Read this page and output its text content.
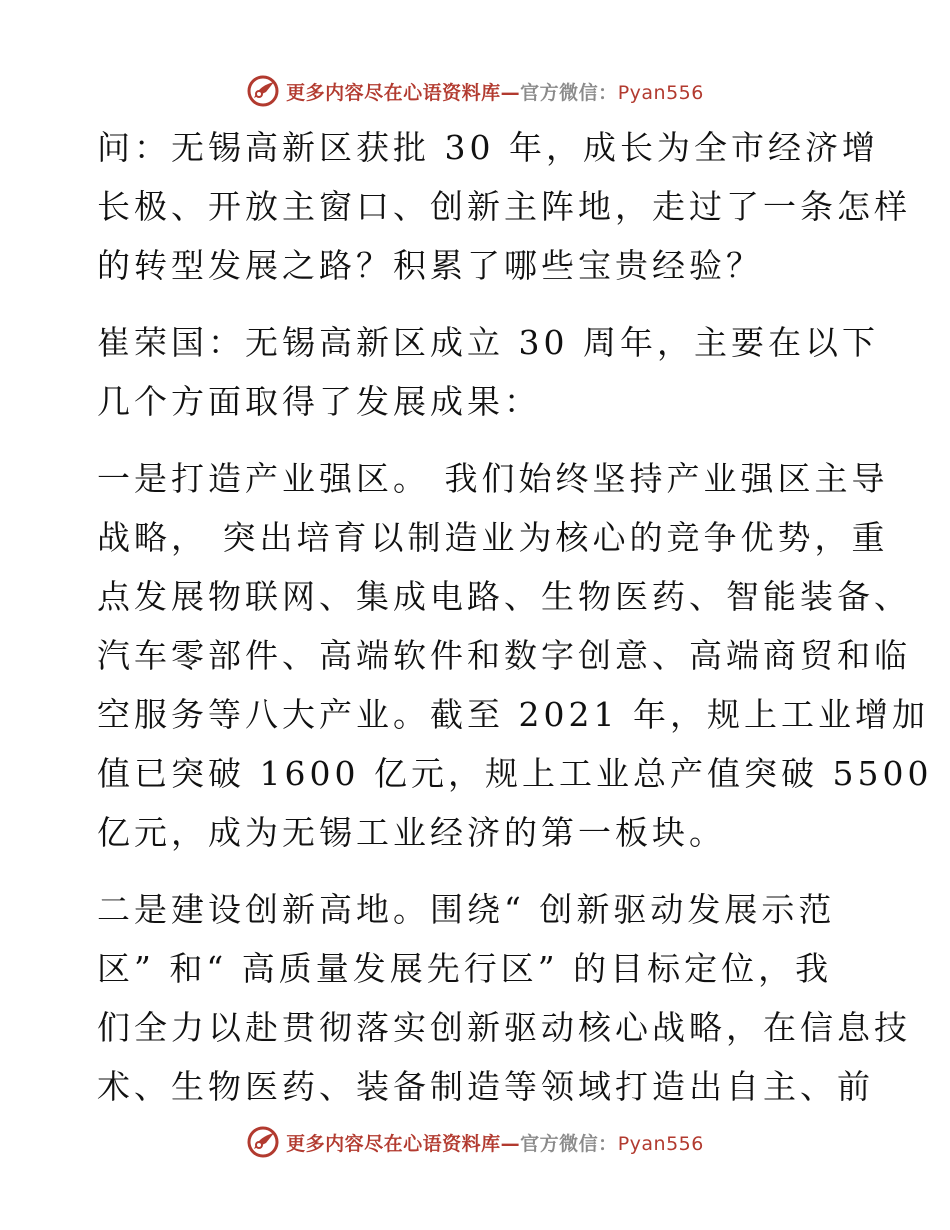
更多内容尽在心语资料库—官方微信：Pyan556

问：无锡高新区获批 30 年，成长为全市经济增
长极、开放主窗口、创新主阵地，走过了一条怎样
的转型发展之路？积累了哪些宝贵经验？

崔荣国：无锡高新区成立 30 周年，主要在以下
几个方面取得了发展成果：

一是打造产业强区。 我们始终坚持产业强区主导
战略， 突出培育以制造业为核心的竞争优势，重
点发展物联网、集成电路、生物医药、智能装备、
汽车零部件、高端软件和数字创意、高端商贸和临
空服务等八大产业。截至 2021 年，规上工业增加
值已突破 1600 亿元，规上工业总产值突破 5500
亿元，成为无锡工业经济的第一板块。

二是建设创新高地。围绕“ 创新驱动发展示范
区” 和“ 高质量发展先行区” 的目标定位，我
们全力以赴贯彻落实创新驱动核心战略，在信息技
术、生物医药、装备制造等领域打造出自主、前

更多内容尽在心语资料库—官方微信：Pyan556
